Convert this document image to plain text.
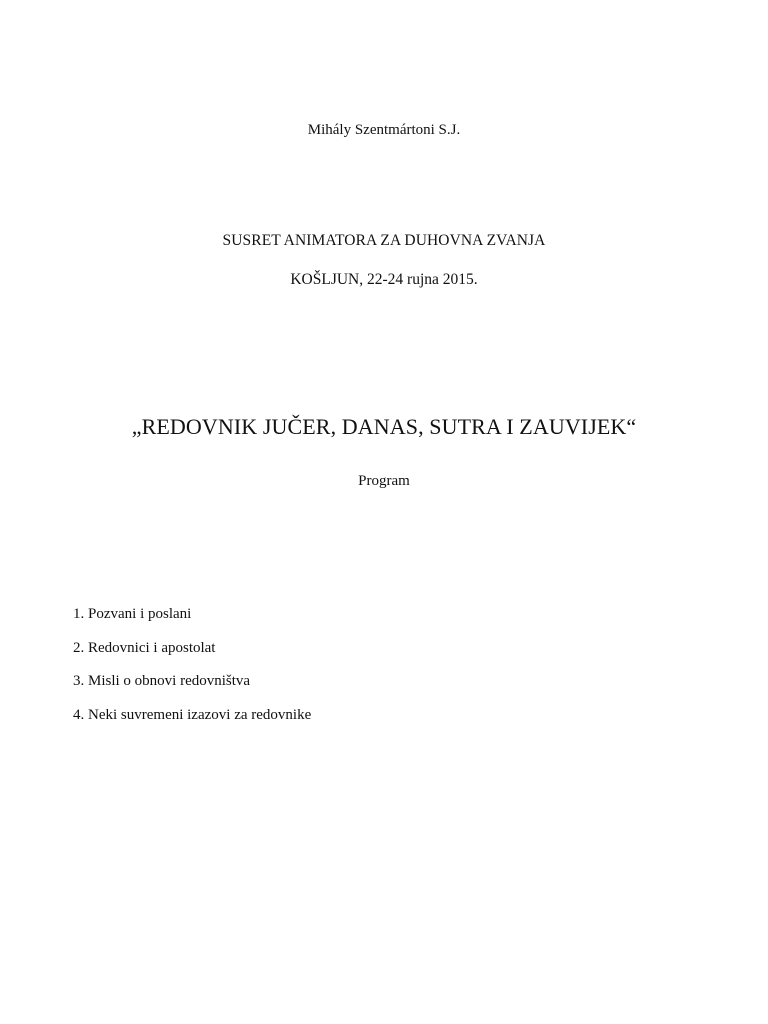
Mihály Szentmártoni S.J.
SUSRET ANIMATORA ZA DUHOVNA ZVANJA
KOŠLJUN, 22-24 rujna 2015.
„REDOVNIK JUČER, DANAS, SUTRA I ZAUVIJEK“
Program
1. Pozvani i poslani
2. Redovnici i apostolat
3. Misli o obnovi redovništva
4. Neki suvremeni izazovi za redovnike
